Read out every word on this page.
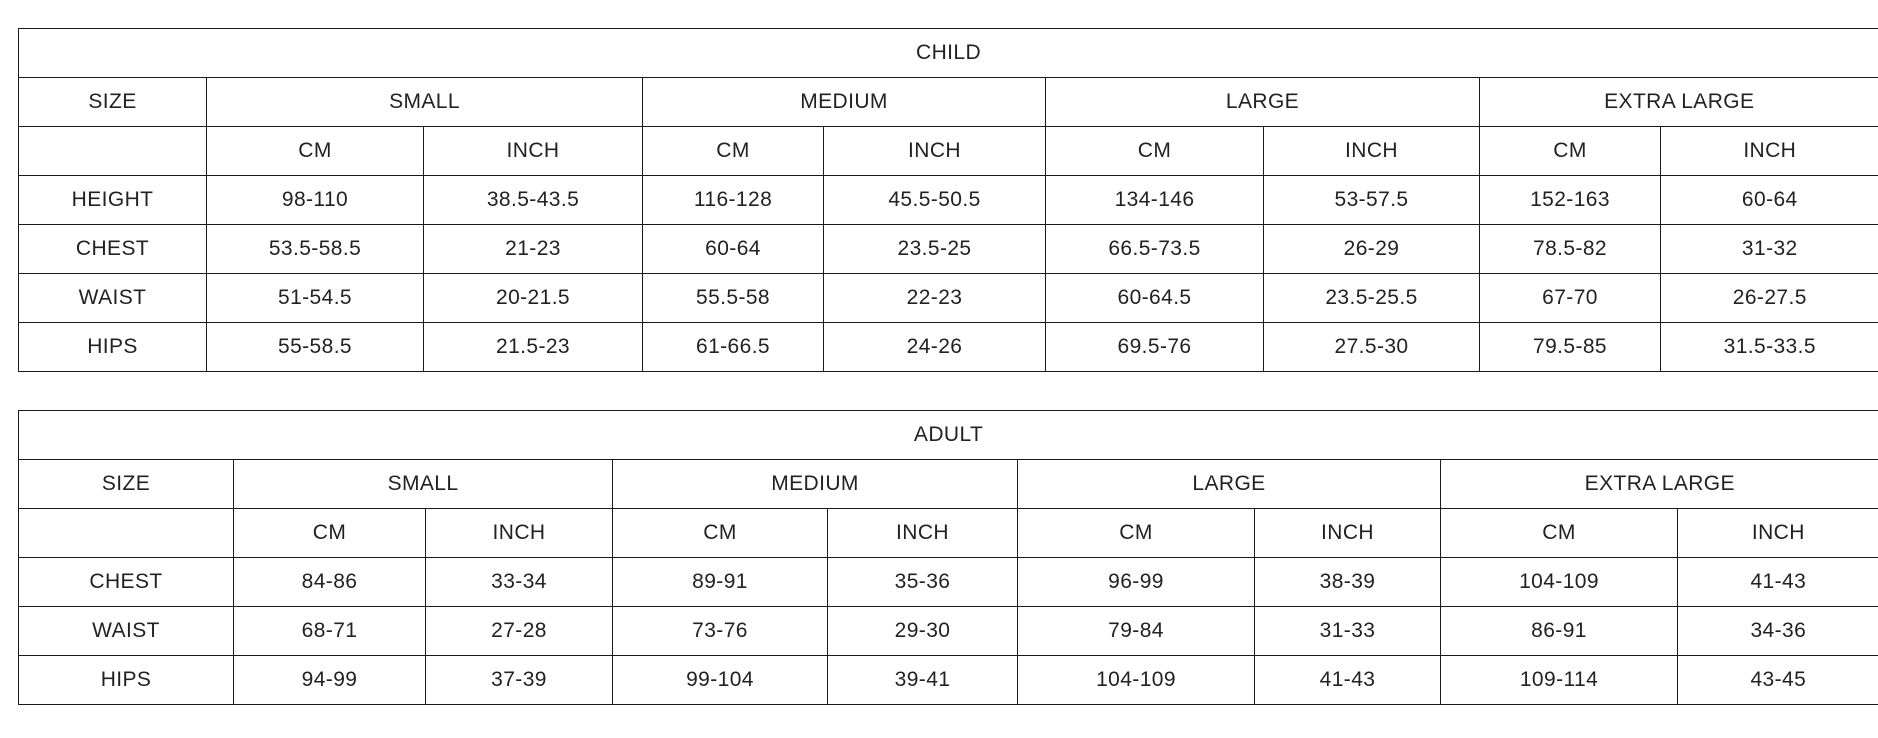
CHILD								
SIZE	SMALL		MEDIUM		LARGE		EXTRA LARGE	
	CM	INCH	CM	INCH	CM	INCH	CM	INCH
HEIGHT	98-110	38.5-43.5	116-128	45.5-50.5	134-146	53-57.5	152-163	60-64
CHEST	53.5-58.5	21-23	60-64	23.5-25	66.5-73.5	26-29	78.5-82	31-32
WAIST	51-54.5	20-21.5	55.5-58	22-23	60-64.5	23.5-25.5	67-70	26-27.5
HIPS	55-58.5	21.5-23	61-66.5	24-26	69.5-76	27.5-30	79.5-85	31.5-33.5
ADULT								
SIZE	SMALL		MEDIUM		LARGE		EXTRA LARGE	
	CM	INCH	CM	INCH	CM	INCH	CM	INCH
CHEST	84-86	33-34	89-91	35-36	96-99	38-39	104-109	41-43
WAIST	68-71	27-28	73-76	29-30	79-84	31-33	86-91	34-36
HIPS	94-99	37-39	99-104	39-41	104-109	41-43	109-114	43-45
